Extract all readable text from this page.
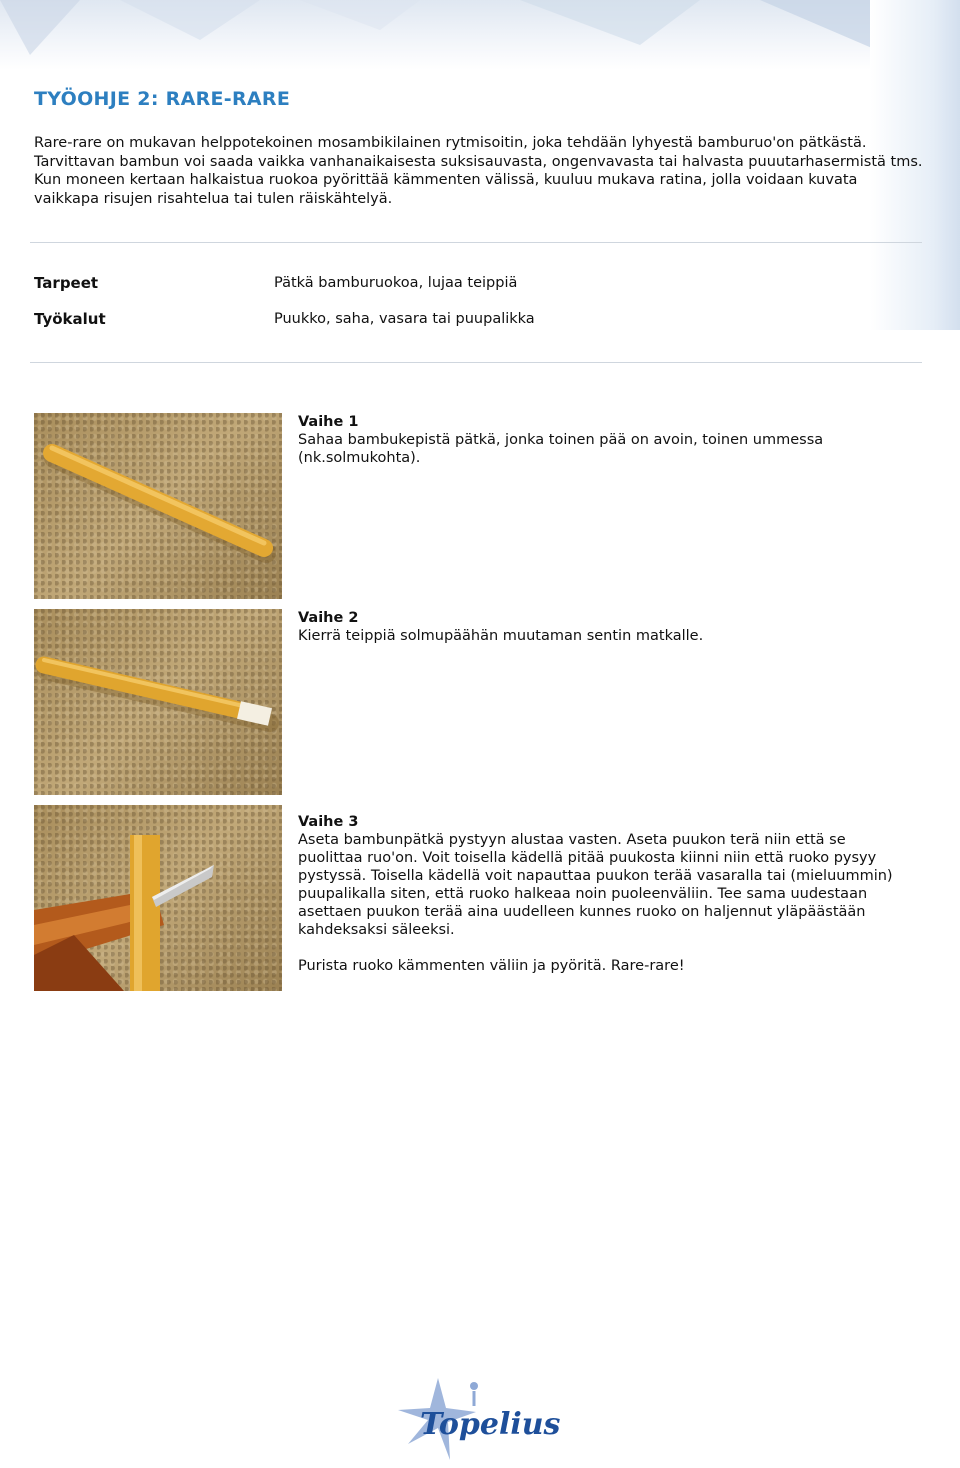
TYÖOHJE 2: RARE-RARE
Rare-rare on mukavan helppotekoinen mosambikilainen rytmisoitin, joka tehdään lyhyestä bamburuo'on pätkästä. Tarvittavan bambun voi saada vaikka vanhanaikaisesta suksisauvasta, ongenvavasta tai halvasta puuutarhasermistä tms. Kun moneen kertaan halkaistua ruokoa pyörittää kämmenten välissä, kuuluu mukava ratina, jolla voidaan kuvata vaikkapa risujen risahtelua tai tulen räiskähtelyä.
Tarpeet	Pätkä bamburuokoa, lujaa teippiä
Työkalut	Puukko, saha, vasara tai puupalikka
Vaihe 1
Sahaa bambukepistä pätkä, jonka toinen pää on avoin, toinen ummessa (nk.solmukohta).
Vaihe 2
Kierrä teippiä solmupäähän muutaman sentin matkalle.
Vaihe 3
Aseta bambunpätkä pystyyn alustaa vasten. Aseta puukon terä niin että se puolittaa ruo'on. Voit toisella kädellä pitää puukosta kiinni niin että ruoko pysyy pystyssä. Toisella kädellä voit napauttaa puukon terää vasaralla tai (mieluummin) puupalikalla siten, että ruoko halkeaa noin puoleenväliin. Tee sama uudestaan asettaen puukon terää aina uudelleen kunnes ruoko on haljennut yläpäästään kahdeksaksi säleeksi.
Purista ruoko kämmenten väliin ja pyöritä. Rare-rare!
Topelius
